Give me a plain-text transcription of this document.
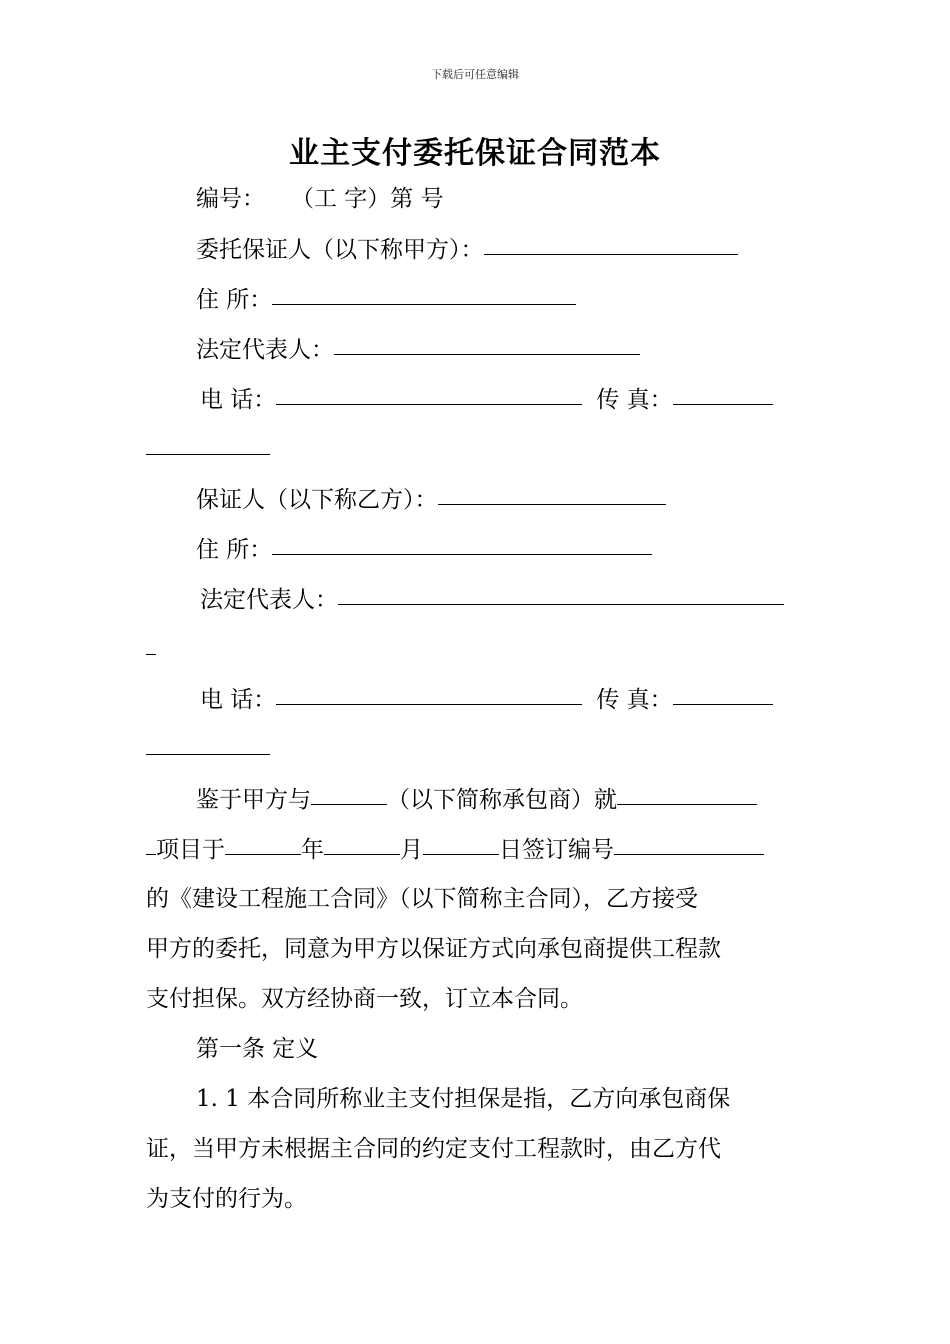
下载后可任意编辑
业主支付委托保证合同范本
编号： （工 字）第 号
委托保证人（以下称甲方）：
住 所：
法定代表人：
电 话：	传 真：
保证人（以下称乙方）：
住 所：
法定代表人：
电 话：	传 真：
鉴于甲方与	（以下简称承包商）就
项目于	年	月	日签订编号
的《建设工程施工合同》（以下简称主合同），乙方接受
甲方的委托，同意为甲方以保证方式向承包商提供工程款
支付担保。双方经协商一致，订立本合同。
第一条 定义
1. 1 本合同所称业主支付担保是指，乙方向承包商保
证，当甲方未根据主合同的约定支付工程款时，由乙方代
为支付的行为。
